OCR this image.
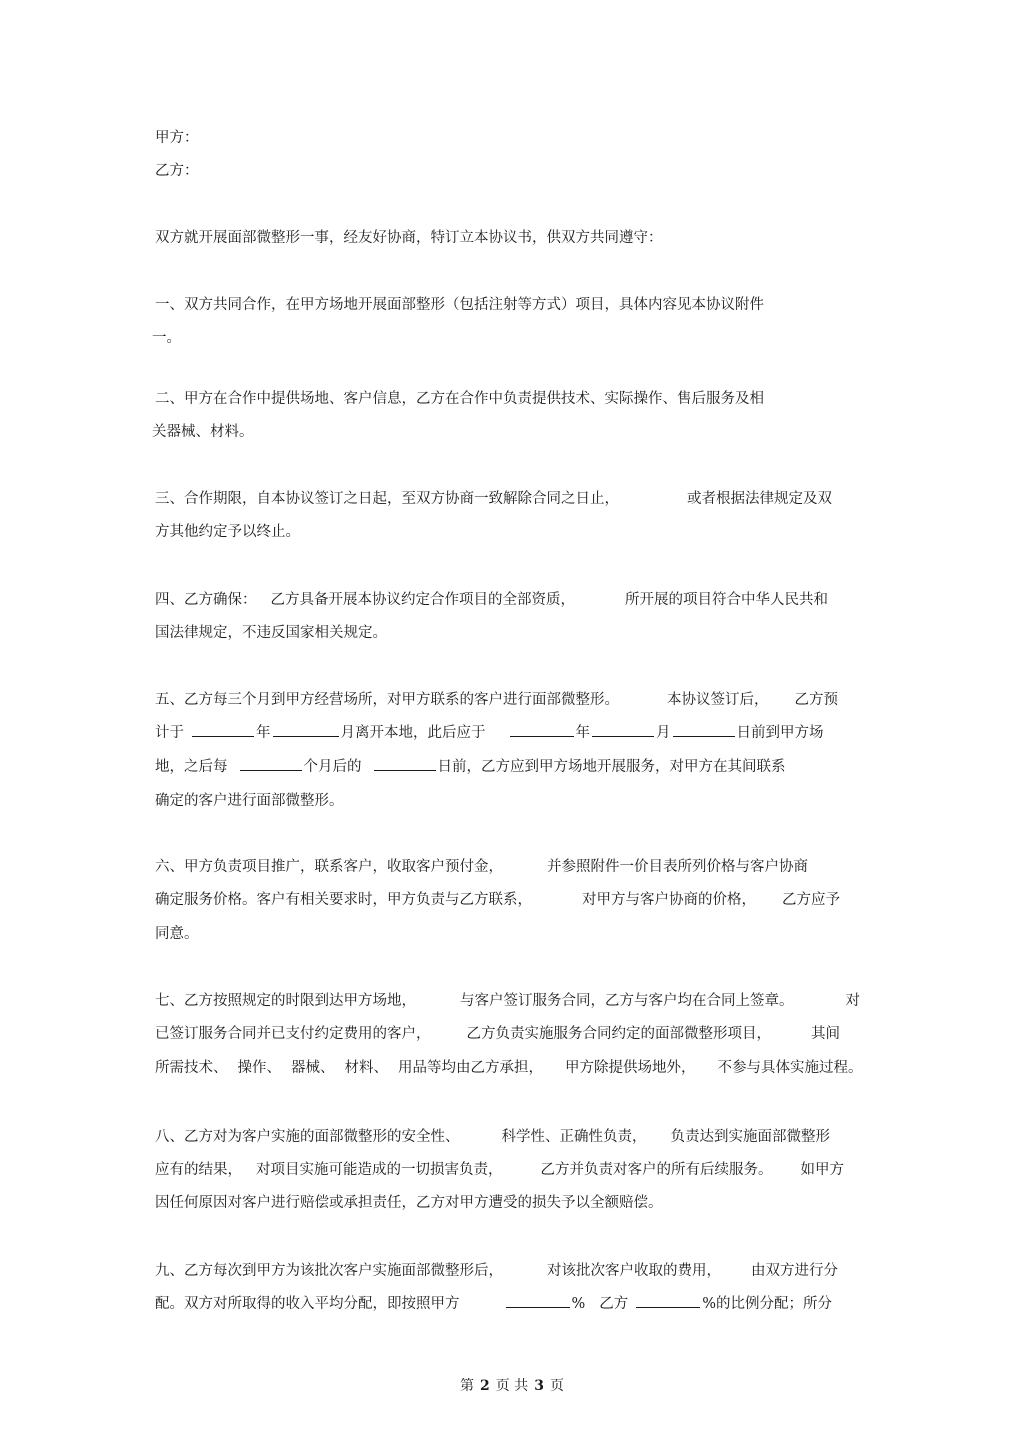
甲方：
乙方：
双方就开展面部微整形一事，经友好协商，特订立本协议书，供双方共同遵守：
一、双方共同合作，在甲方场地开展面部整形（包括注射等方式）项目，具体内容见本协议附件
一。
二、甲方在合作中提供场地、客户信息，乙方在合作中负责提供技术、实际操作、售后服务及相
关器械、材料。
三、合作期限，自本协议签订之日起，至双方协商一致解除合同之日止，	或者根据法律规定及双
方其他约定予以终止。
四、乙方确保： 乙方具备开展本协议约定合作项目的全部资质，	所开展的项目符合中华人民共和
国法律规定，不违反国家相关规定。
五、乙方每三个月到甲方经营场所，对甲方联系的客户进行面部微整形。	本协议签订后， 乙方预
计于	年	月离开本地，此后应于	年	月	日前到甲方场
地，之后每	个月后的	日前，乙方应到甲方场地开展服务，对甲方在其间联系
确定的客户进行面部微整形。
六、甲方负责项目推广，联系客户，收取客户预付金，	并参照附件一价目表所列价格与客户协商
确定服务价格。客户有相关要求时，甲方负责与乙方联系，	对甲方与客户协商的价格， 乙方应予
同意。
七、乙方按照规定的时限到达甲方场地，	与客户签订服务合同，乙方与客户均在合同上签章。	对
已签订服务合同并已支付约定费用的客户， 乙方负责实施服务合同约定的面部微整形项目，	其间
所需技术、 操作、 器械、 材料、 用品等均由乙方承担， 甲方除提供场地外， 不参与具体实施过程。
八、乙方对为客户实施的面部微整形的安全性、	科学性、正确性负责， 负责达到实施面部微整形
应有的结果， 对项目实施可能造成的一切损害负责，	乙方并负责对客户的所有后续服务。 如甲方
因任何原因对客户进行赔偿或承担责任，乙方对甲方遭受的损失予以全额赔偿。
九、乙方每次到甲方为该批次客户实施面部微整形后，	对该批次客户收取的费用， 由双方进行分
配。双方对所取得的收入平均分配，即按照甲方	% 乙方	%的比例分配；所分
第 2 页 共 3 页
